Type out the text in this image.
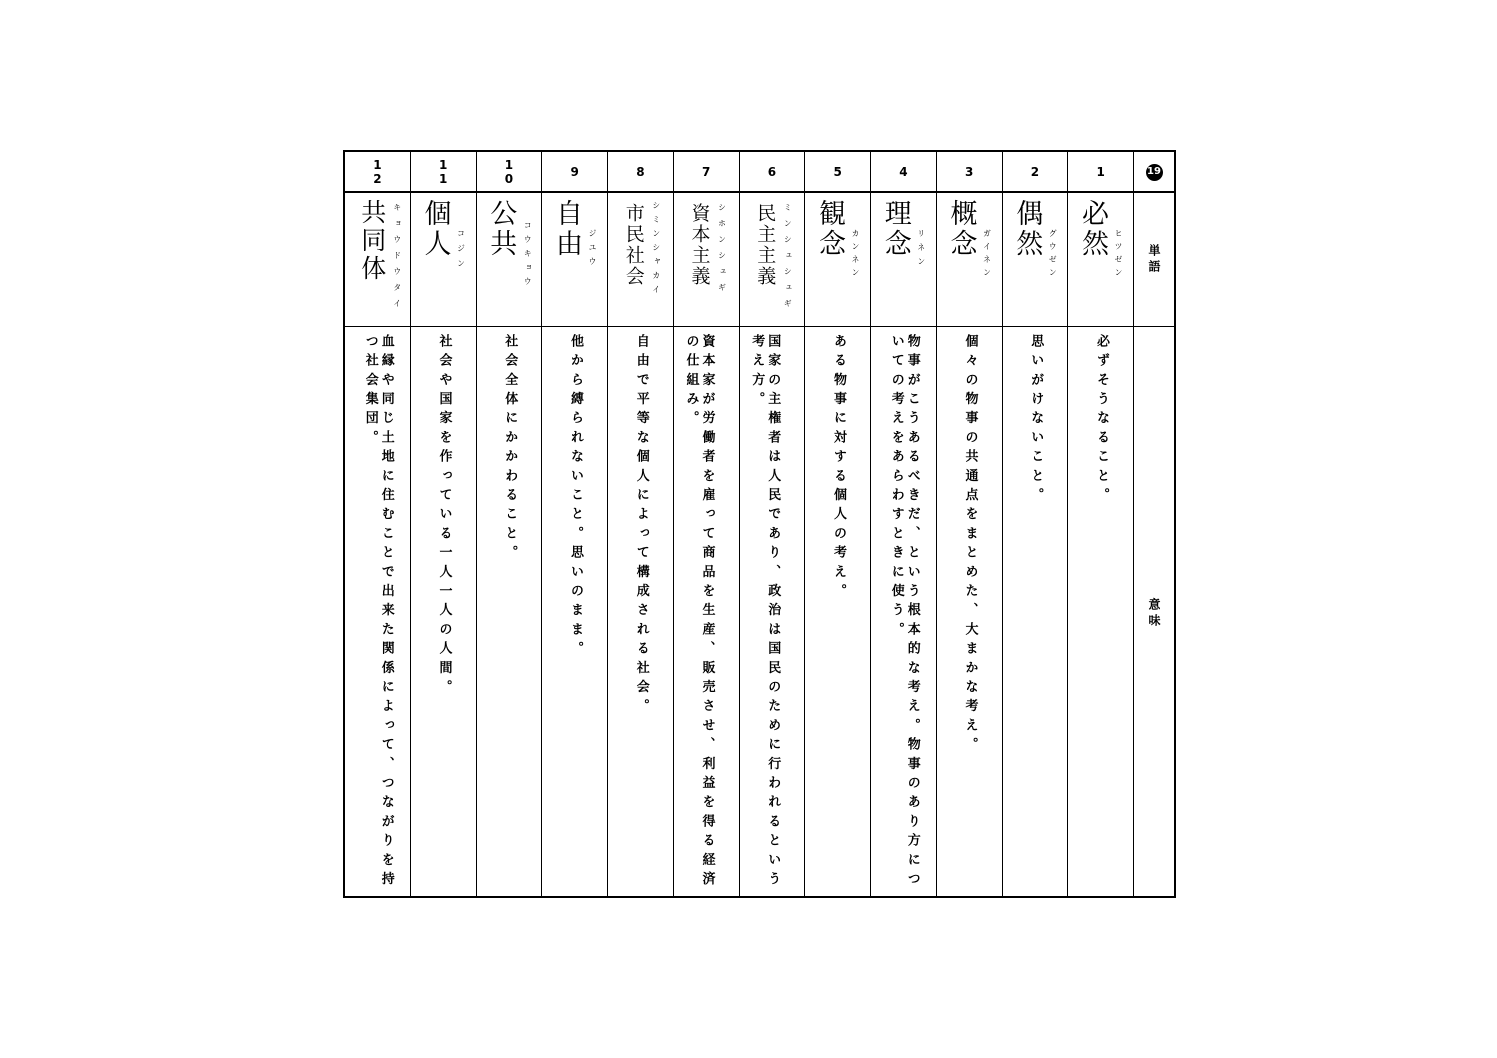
12
共同体 キョウドウタイ
血縁や同じ土地に住むことで出来た関係によって、つながりを持つ社会集団。
11
個人 コジン
社会や国家を作っている一人一人の人間。
10
公共 コウキョウ
社会全体にかかわること。
9
自由 ジユウ
他から縛られないこと。思いのまま。
8
市民社会 シミンシャカイ
自由で平等な個人によって構成される社会。
7
資本主義 シホンシュギ
資本家が労働者を雇って商品を生産、販売させ、利益を得る経済の仕組み。
6
民主主義 ミンシュシュギ
国家の主権者は人民であり、政治は国民のために行われるという考え方。
5
観念 カンネン
ある物事に対する個人の考え。
4
理念 リネン
物事がこうあるべきだ、という根本的な考え。物事のあり方についての考えをあらわすときに使う。
3
概念 ガイネン
個々の物事の共通点をまとめた、大まかな考え。
2
偶然 グウゼン
思いがけないこと。
1
必然 ヒツゼン
必ずそうなること。
19
単語
意味
